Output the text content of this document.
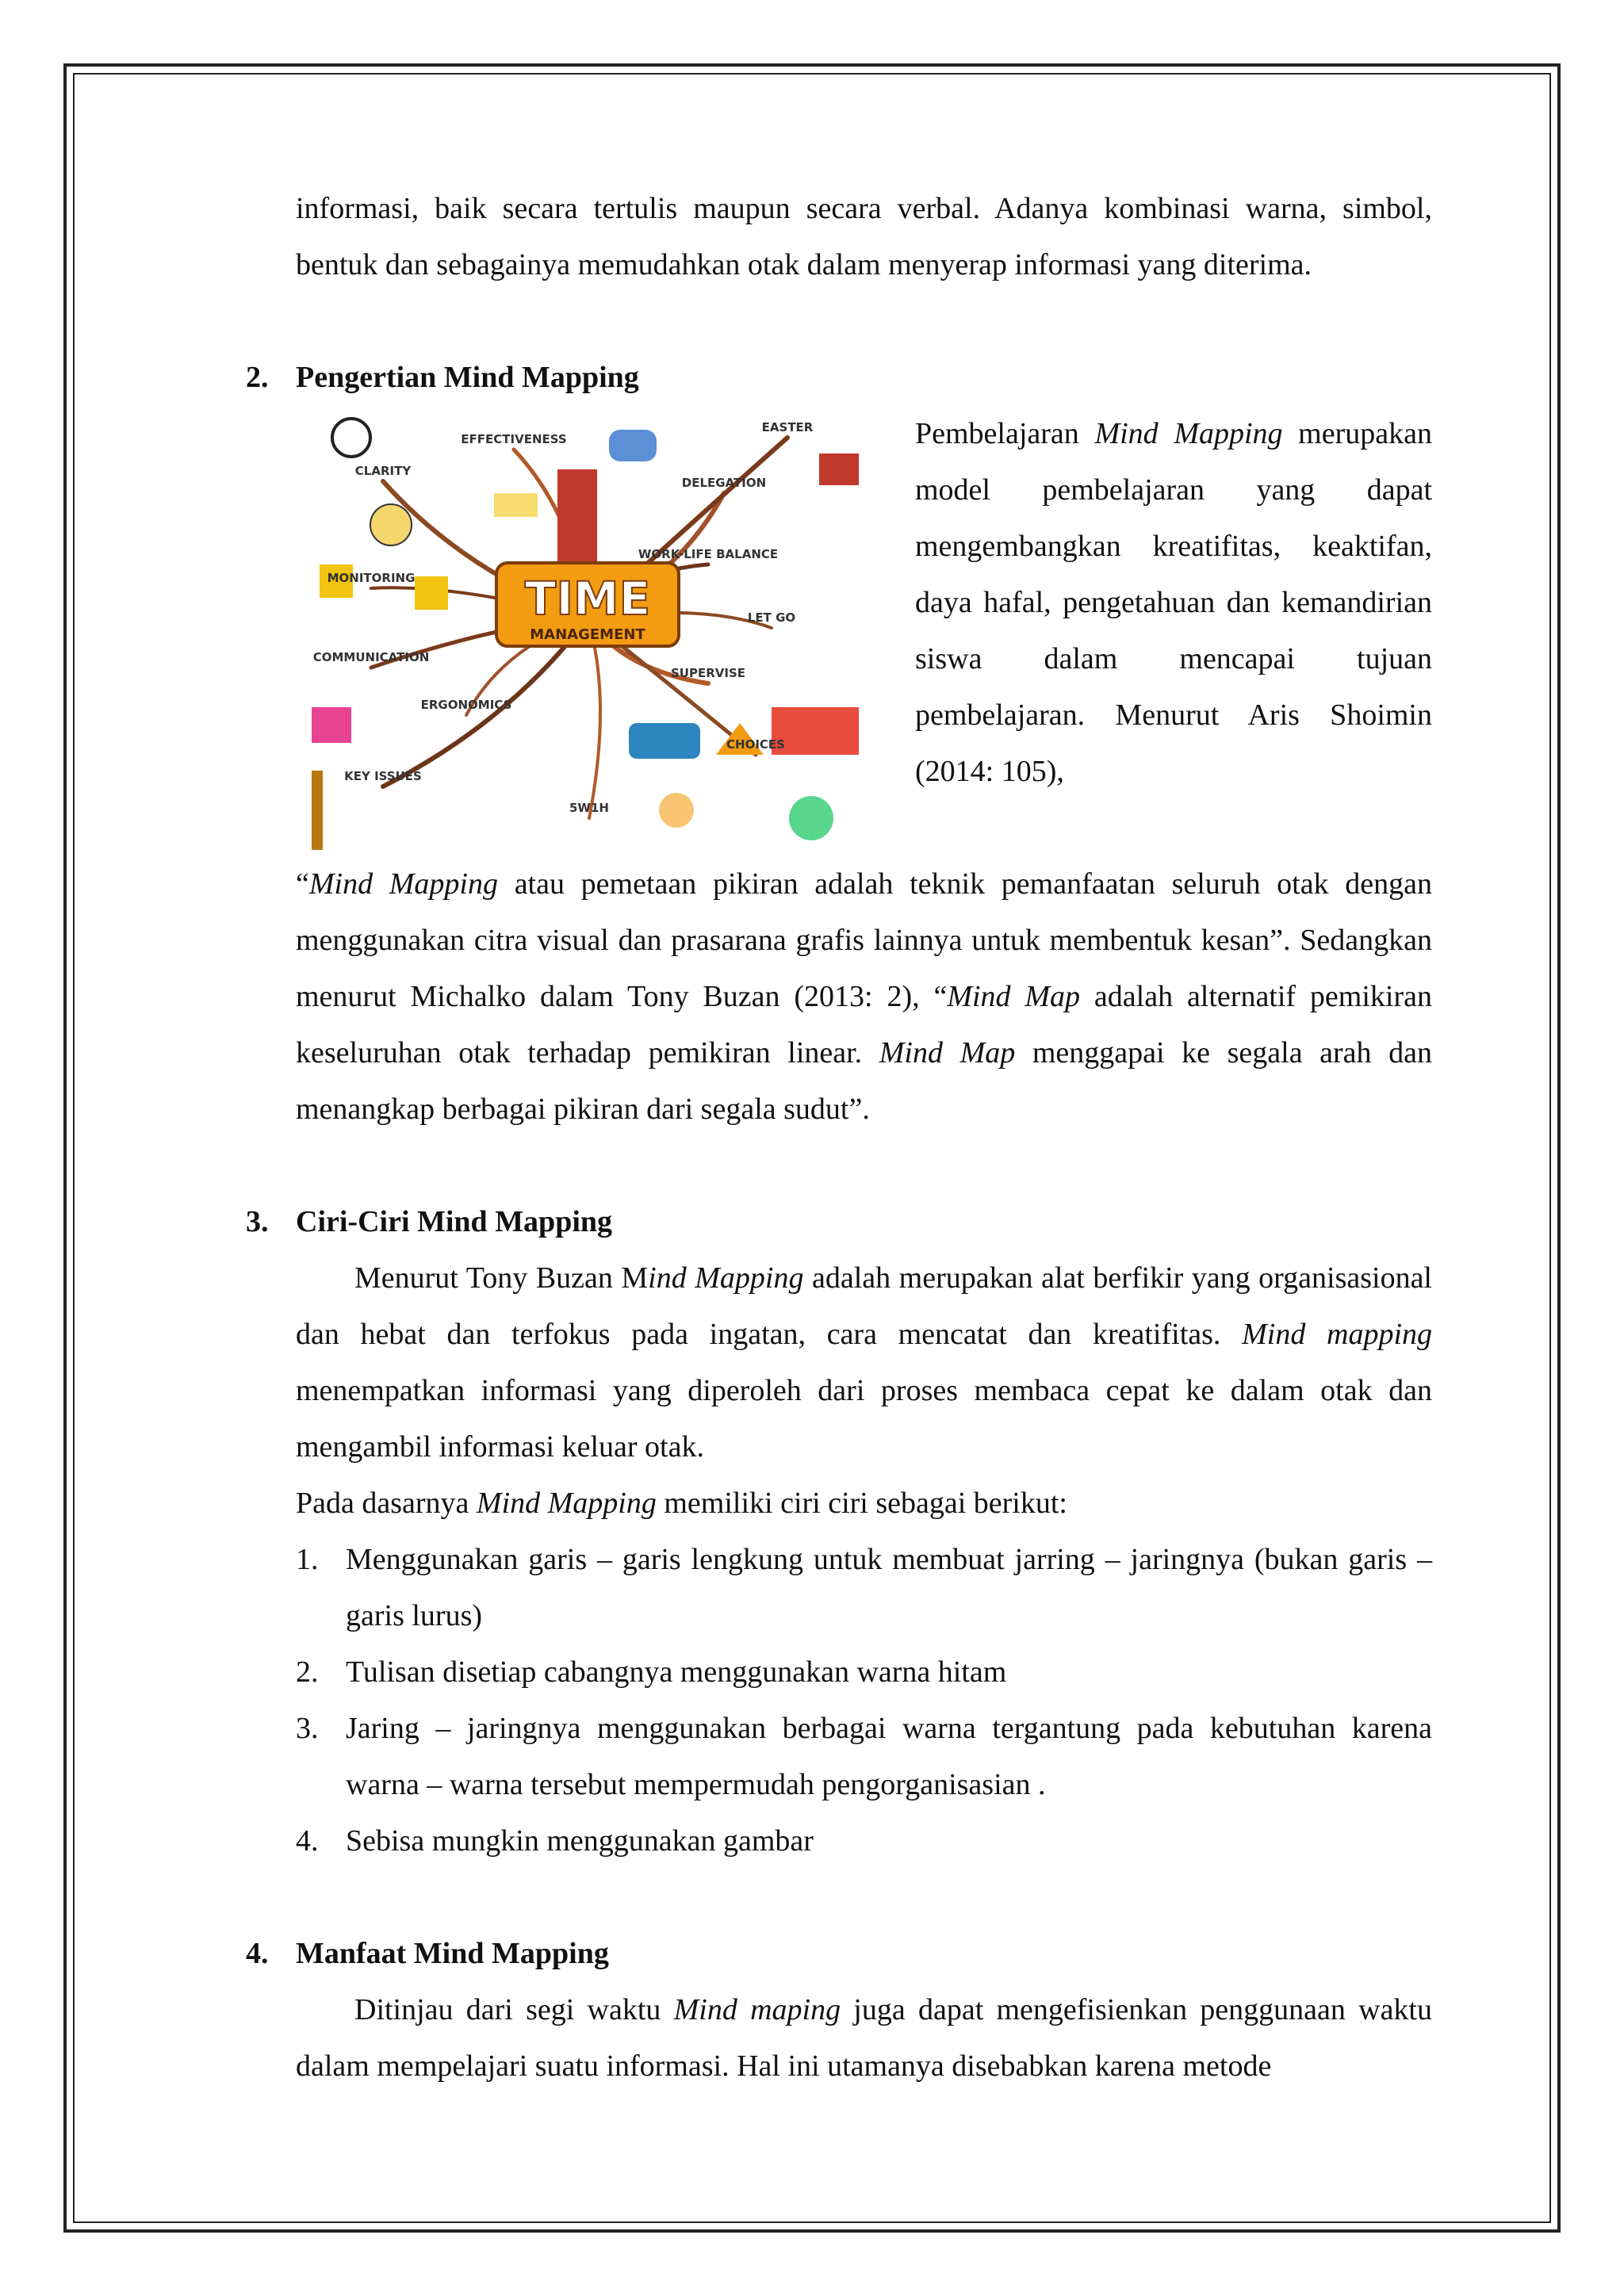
informasi, baik secara tertulis maupun secara verbal. Adanya kombinasi warna, simbol, bentuk dan sebagainya memudahkan otak dalam menyerap informasi yang diterima.

2. Pengertian Mind Mapping
TIME
MANAGEMENT
CLARITY
EFFECTIVENESS
MONITORING
DELEGATION
WORK-LIFE BALANCE
LET GO
SUPERVISE
COMMUNICATION
ERGONOMICS
KEY ISSUES
CHOICES
5W1H
EASTER	Pembelajaran Mind Mapping merupakan model pembelajaran yang dapat mengembangkan kreatifitas, keaktifan, daya hafal, pengetahuan dan kemandirian siswa dalam mencapai tujuan pembelajaran. Menurut Aris Shoimin (2014: 105),

“Mind Mapping atau pemetaan pikiran adalah teknik pemanfaatan seluruh otak dengan menggunakan citra visual dan prasarana grafis lainnya untuk membentuk kesan”. Sedangkan menurut Michalko dalam Tony Buzan (2013: 2), “Mind Map adalah alternatif pemikiran keseluruhan otak terhadap pemikiran linear. Mind Map menggapai ke segala arah dan menangkap berbagai pikiran dari segala sudut”.

3. Ciri-Ciri Mind Mapping

Menurut Tony Buzan Mind Mapping adalah merupakan alat berfikir yang organisasional dan hebat dan terfokus pada ingatan, cara mencatat dan kreatifitas. Mind mapping menempatkan informasi yang diperoleh dari proses membaca cepat ke dalam otak dan mengambil informasi keluar otak.

Pada dasarnya Mind Mapping memiliki ciri ciri sebagai berikut:

1. Menggunakan garis – garis lengkung untuk membuat jarring – jaringnya (bukan garis – garis lurus)
2. Tulisan disetiap cabangnya menggunakan warna hitam
3. Jaring – jaringnya menggunakan berbagai warna tergantung pada kebutuhan karena warna – warna tersebut mempermudah pengorganisasian .
4. Sebisa mungkin menggunakan gambar
4. Manfaat Mind Mapping

Ditinjau dari segi waktu Mind maping juga dapat mengefisienkan penggunaan waktu dalam mempelajari suatu informasi. Hal ini utamanya disebabkan karena metode
